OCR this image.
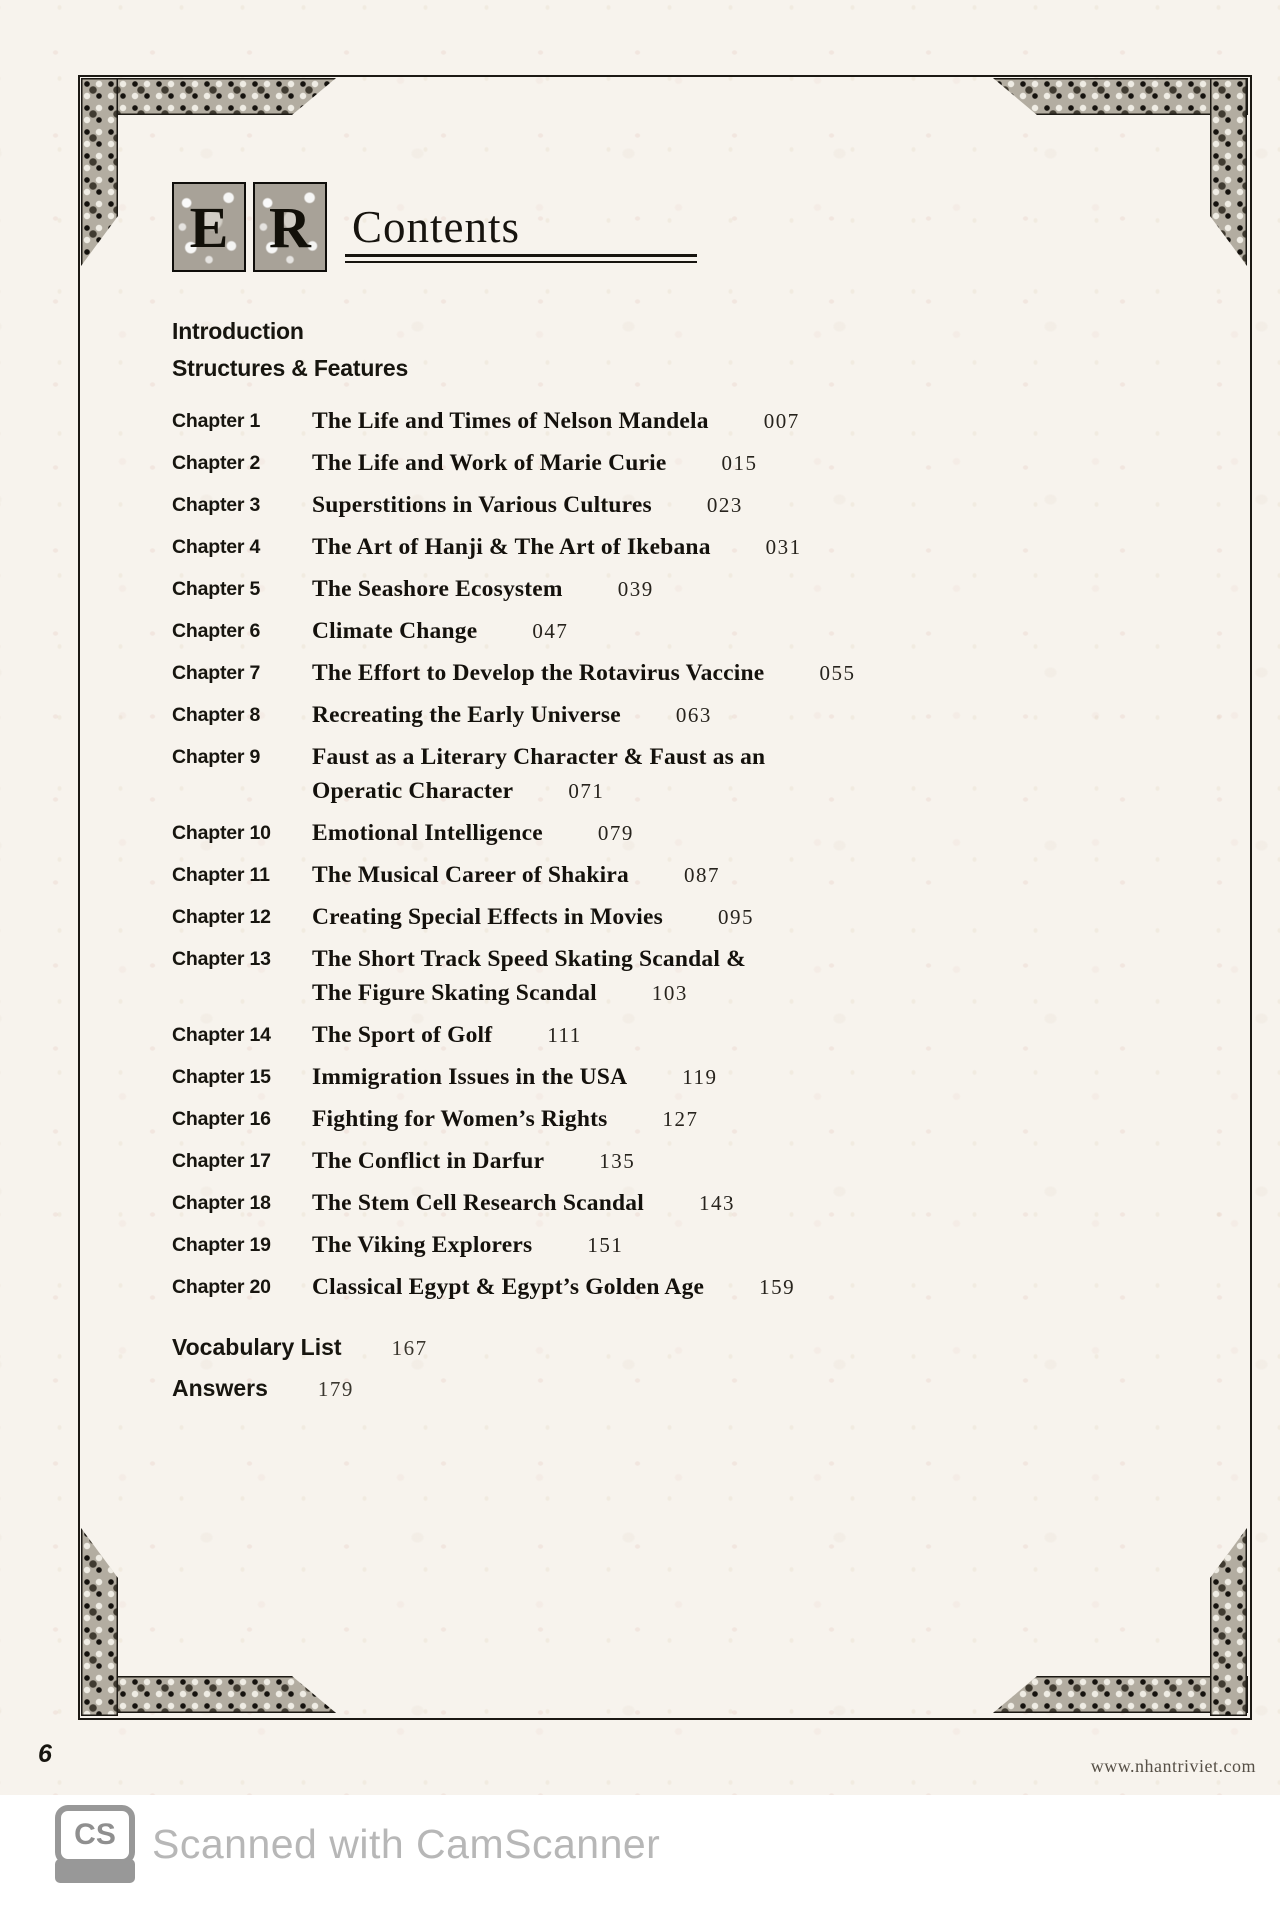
E R Contents
Introduction
Structures & Features
Chapter 1	The Life and Times of Nelson Mandela	007
Chapter 2	The Life and Work of Marie Curie	015
Chapter 3	Superstitions in Various Cultures	023
Chapter 4	The Art of Hanji & The Art of Ikebana	031
Chapter 5	The Seashore Ecosystem	039
Chapter 6	Climate Change	047
Chapter 7	The Effort to Develop the Rotavirus Vaccine	055
Chapter 8	Recreating the Early Universe	063
Chapter 9	Faust as a Literary Character & Faust as an
Operatic Character	071
Chapter 10	Emotional Intelligence	079
Chapter 11	The Musical Career of Shakira	087
Chapter 12	Creating Special Effects in Movies	095
Chapter 13	The Short Track Speed Skating Scandal &
The Figure Skating Scandal	103
Chapter 14	The Sport of Golf	111
Chapter 15	Immigration Issues in the USA	119
Chapter 16	Fighting for Women’s Rights	127
Chapter 17	The Conflict in Darfur	135
Chapter 18	The Stem Cell Research Scandal	143
Chapter 19	The Viking Explorers	151
Chapter 20	Classical Egypt & Egypt’s Golden Age	159
Vocabulary List 167
Answers 179
6	www.nhantriviet.com
CS Scanned with CamScanner
